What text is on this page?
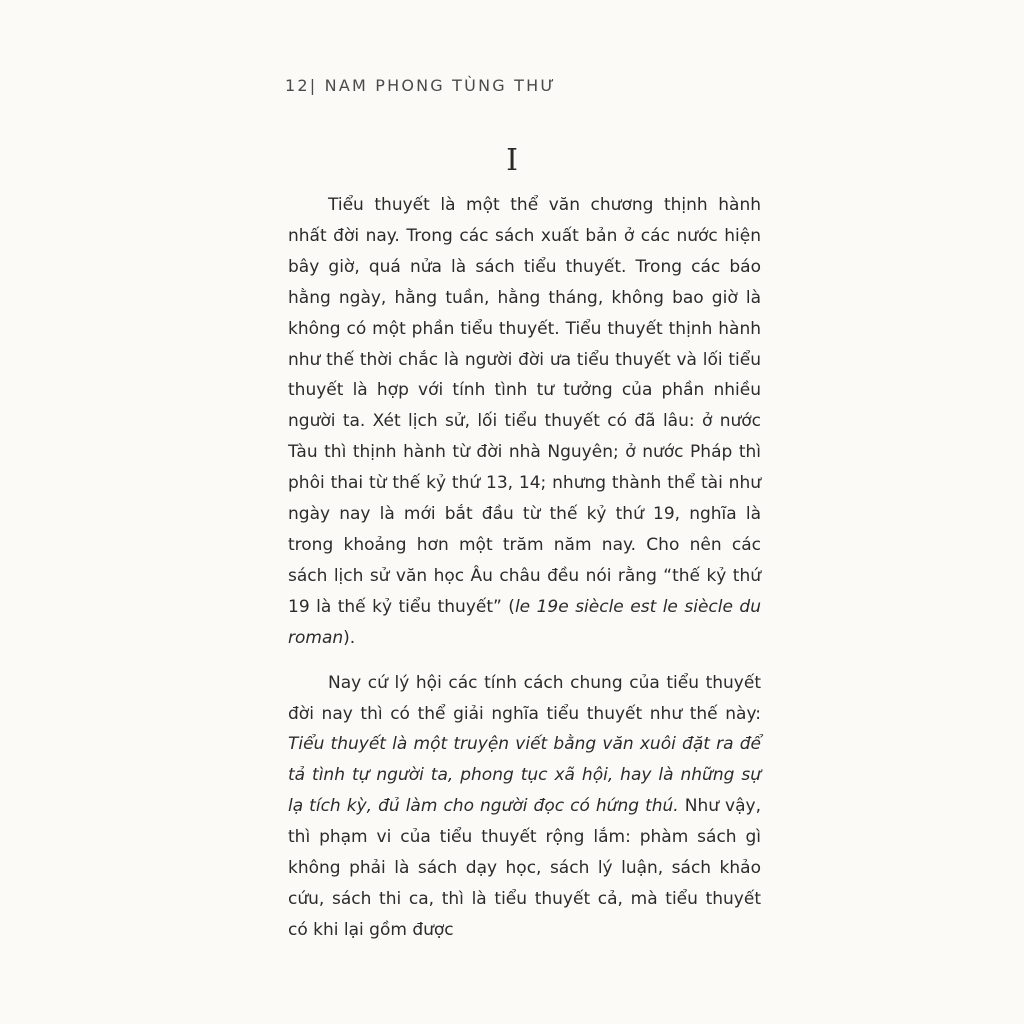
12| NAM PHONG TÙNG THƯ
I

Tiểu thuyết là một thể văn chương thịnh hành nhất đời nay. Trong các sách xuất bản ở các nước hiện bây giờ, quá nửa là sách tiểu thuyết. Trong các báo hằng ngày, hằng tuần, hằng tháng, không bao giờ là không có một phần tiểu thuyết. Tiểu thuyết thịnh hành như thế thời chắc là người đời ưa tiểu thuyết và lối tiểu thuyết là hợp với tính tình tư tưởng của phần nhiều người ta. Xét lịch sử, lối tiểu thuyết có đã lâu: ở nước Tàu thì thịnh hành từ đời nhà Nguyên; ở nước Pháp thì phôi thai từ thế kỷ thứ 13, 14; nhưng thành thể tài như ngày nay là mới bắt đầu từ thế kỷ thứ 19, nghĩa là trong khoảng hơn một trăm năm nay. Cho nên các sách lịch sử văn học Âu châu đều nói rằng “thế kỷ thứ 19 là thế kỷ tiểu thuyết” (le 19e siècle est le siècle du roman).

Nay cứ lý hội các tính cách chung của tiểu thuyết đời nay thì có thể giải nghĩa tiểu thuyết như thế này: Tiểu thuyết là một truyện viết bằng văn xuôi đặt ra để tả tình tự người ta, phong tục xã hội, hay là những sự lạ tích kỳ, đủ làm cho người đọc có hứng thú. Như vậy, thì phạm vi của tiểu thuyết rộng lắm: phàm sách gì không phải là sách dạy học, sách lý luận, sách khảo cứu, sách thi ca, thì là tiểu thuyết cả, mà tiểu thuyết có khi lại gồm được
